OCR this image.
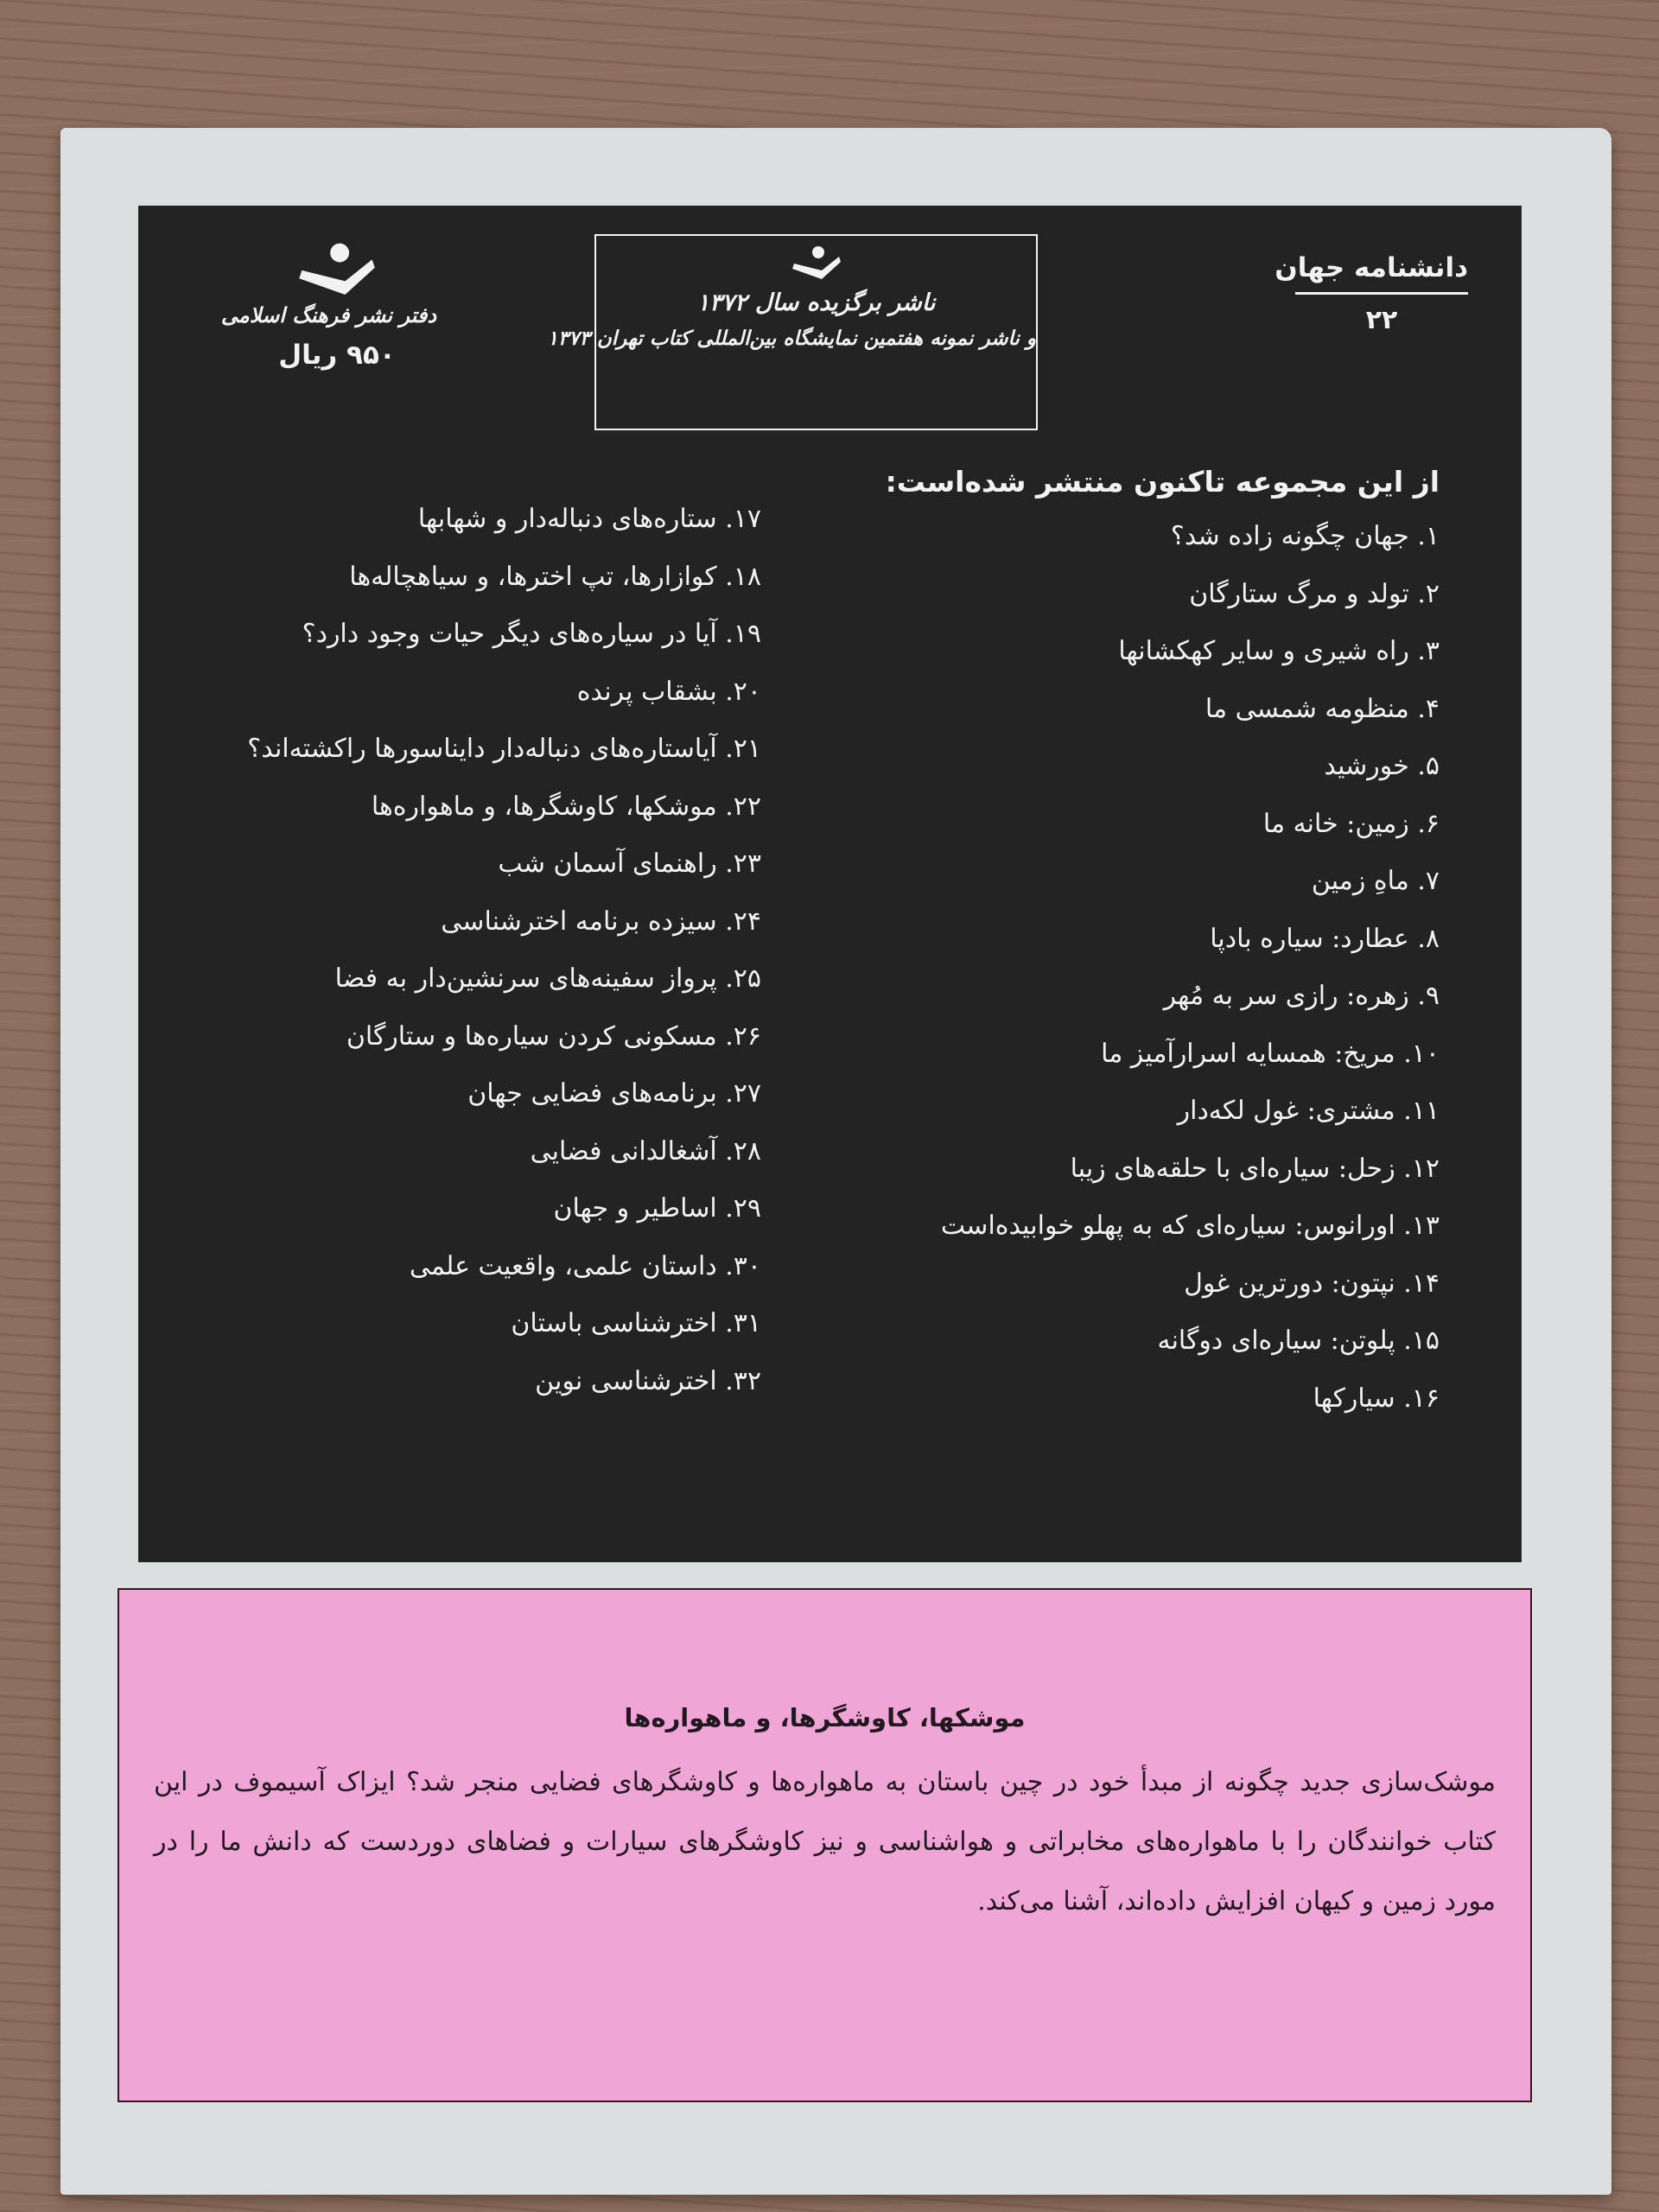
دانشنامه جهان
۲۲
ناشر برگزیده سال ۱۳۷۲
و ناشر نمونه هفتمین نمایشگاه بین‌المللی کتاب تهران ۱۳۷۳
دفتر نشر فرهنگ اسلامی
۹۵۰ ریال
از این مجموعه تاکنون منتشر شده‌است:
۱. جهان چگونه زاده شد؟
۲. تولد و مرگ ستارگان
۳. راه شیری و سایر کهکشانها
۴. منظومه شمسی ما
۵. خورشید
۶. زمین: خانه ما
۷. ماهِ زمین
۸. عطارد: سیاره بادپا
۹. زهره: رازی سر به مُهر
۱۰. مریخ: همسایه اسرارآمیز ما
۱۱. مشتری: غول لکه‌دار
۱۲. زحل: سیاره‌ای با حلقه‌های زیبا
۱۳. اورانوس: سیاره‌ای که به پهلو خوابیده‌است
۱۴. نپتون: دورترین غول
۱۵. پلوتن: سیاره‌ای دوگانه
۱۶. سیارکها
۱۷. ستاره‌های دنباله‌دار و شهابها
۱۸. کوازارها، تپ اخترها، و سیاهچاله‌ها
۱۹. آیا در سیاره‌های دیگر حیات وجود دارد؟
۲۰. بشقاب پرنده
۲۱. آیاستاره‌های دنباله‌دار دایناسورها راکشته‌اند؟
۲۲. موشکها، کاوشگرها، و ماهواره‌ها
۲۳. راهنمای آسمان شب
۲۴. سیزده برنامه اخترشناسی
۲۵. پرواز سفینه‌های سرنشین‌دار به فضا
۲۶. مسکونی کردن سیاره‌ها و ستارگان
۲۷. برنامه‌های فضایی جهان
۲۸. آشغالدانی فضایی
۲۹. اساطیر و جهان
۳۰. داستان علمی، واقعیت علمی
۳۱. اخترشناسی باستان
۳۲. اخترشناسی نوین
موشکها، کاوشگرها، و ماهواره‌ها
موشک‌سازی جدید چگونه از مبدأ خود در چین باستان به ماهواره‌ها و کاوشگرهای فضایی منجر شد؟ ایزاک آسیموف در این کتاب خوانندگان را با ماهواره‌های مخابراتی و هواشناسی و نیز کاوشگرهای سیارات و فضاهای دوردست که دانش ما را در مورد زمین و کیهان افزایش داده‌اند، آشنا می‌کند.
